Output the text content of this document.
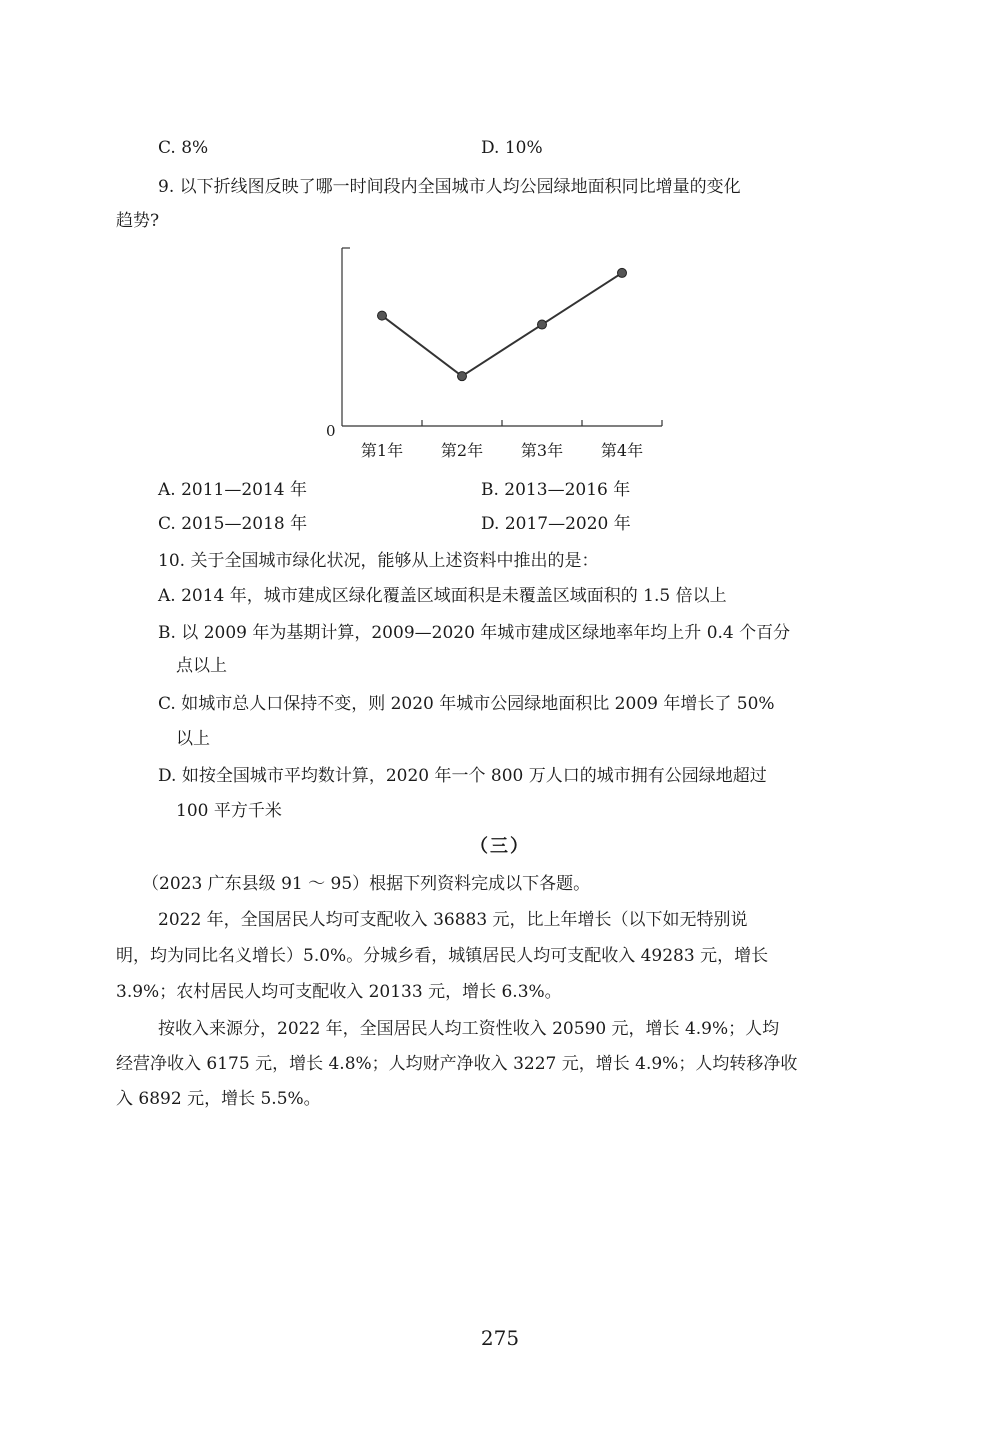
C. 8%	D. 10%
9. 以下折线图反映了哪一时间段内全国城市人均公园绿地面积同比增量的变化
趋势?
0
第1年 第2年 第3年 第4年
A. 2011—2014 年	B. 2013—2016 年
C. 2015—2018 年	D. 2017—2020 年
10. 关于全国城市绿化状况，能够从上述资料中推出的是：
A. 2014 年，城市建成区绿化覆盖区域面积是未覆盖区域面积的 1.5 倍以上
B. 以 2009 年为基期计算，2009—2020 年城市建成区绿地率年均上升 0.4 个百分
点以上
C. 如城市总人口保持不变，则 2020 年城市公园绿地面积比 2009 年增长了 50%
以上
D. 如按全国城市平均数计算，2020 年一个 800 万人口的城市拥有公园绿地超过
100 平方千米
（三）
（2023 广东县级 91 ～ 95）根据下列资料完成以下各题。
2022 年，全国居民人均可支配收入 36883 元，比上年增长（以下如无特别说
明，均为同比名义增长）5.0%。分城乡看，城镇居民人均可支配收入 49283 元，增长
3.9%；农村居民人均可支配收入 20133 元，增长 6.3%。
按收入来源分，2022 年，全国居民人均工资性收入 20590 元，增长 4.9%；人均
经营净收入 6175 元，增长 4.8%；人均财产净收入 3227 元，增长 4.9%；人均转移净收
入 6892 元，增长 5.5%。
275
